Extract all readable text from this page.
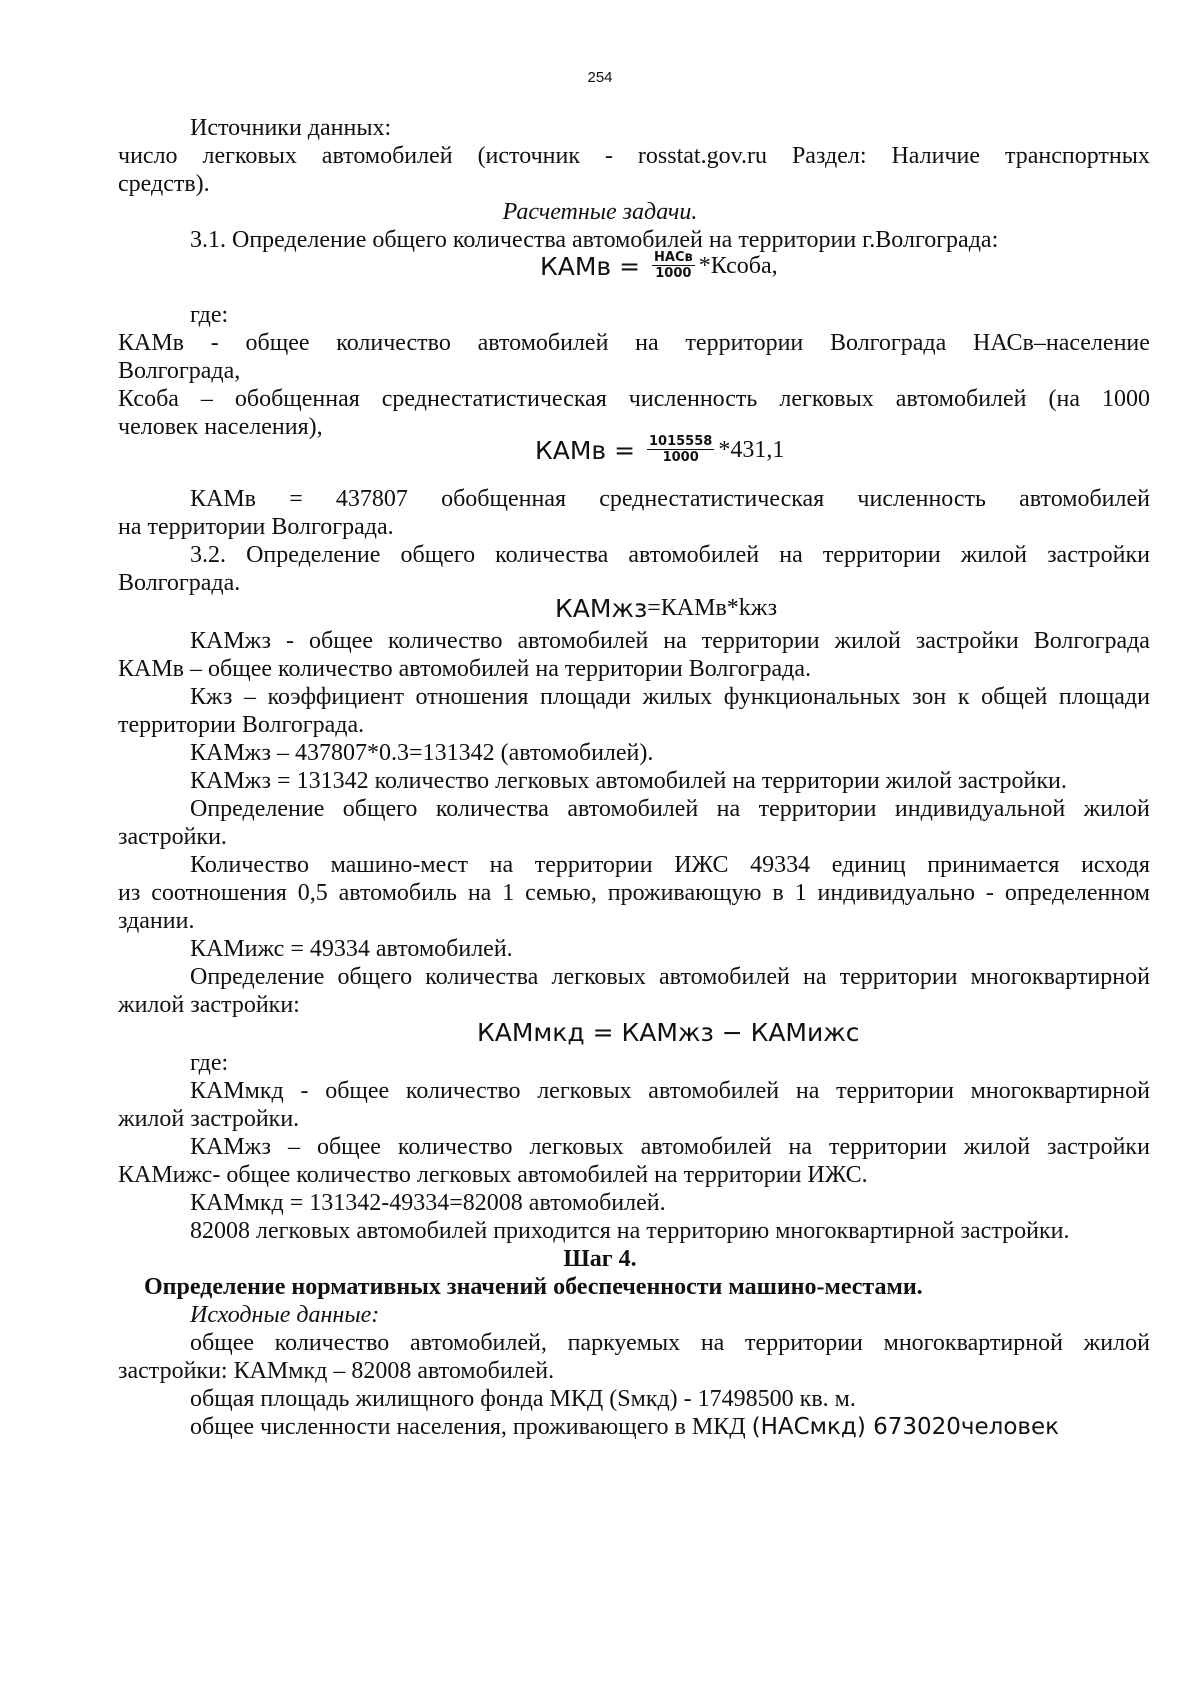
254
Источники данных:
число легковых автомобилей (источник - rosstat.gov.ru Раздел: Наличие транспортных
средств).
Расчетные задачи.
3.1. Определение общего количества автомобилей на территории г.Волгограда:
КАМв = $\frac{\text{НАСв}}{1000}$ *Ксоба,
где:
КАМв - общее количество автомобилей на территории Волгограда НАСв–население
Волгограда,
Ксоба – обобщенная среднестатистическая численность легковых автомобилей (на 1000
человек населения),
КАМв = $\frac{1015558}{1000} *431,1$
КАМв = 437807 обобщенная среднестатистическая численность автомобилей
на территории Волгограда.
3.2. Определение общего количества автомобилей на территории жилой застройки
Волгограда.
КАМжз =КАМв*kжз
КАМжз - общее количество автомобилей на территории жилой застройки Волгограда
КАМв – общее количество автомобилей на территории Волгограда.
Кжз – коэффициент отношения площади жилых функциональных зон к общей площади
территории Волгограда.
КАМжз – 437807*0.3=131342 (автомобилей).
КАМжз = 131342 количество легковых автомобилей на территории жилой застройки.
Определение общего количества автомобилей на территории индивидуальной жилой
застройки.
Количество машино-мест на территории ИЖС 49334 единиц принимается исходя
из соотношения 0,5 автомобиль на 1 семью, проживающую в 1 индивидуально - определенном
здании.
КАМижс = 49334 автомобилей.
Определение общего количества легковых автомобилей на территории многоквартирной
жилой застройки:
КАМмкд = КАМжз − КАМижс
где:
КАМмкд - общее количество легковых автомобилей на территории многоквартирной
жилой застройки.
КАМжз – общее количество легковых автомобилей на территории жилой застройки
КАМижс- общее количество легковых автомобилей на территории ИЖС.
КАМмкд = 131342-49334=82008 автомобилей.
82008 легковых автомобилей приходится на территорию многоквартирной застройки.
Шаг 4.
Определение нормативных значений обеспеченности машино-местами.
Исходные данные:
общее количество автомобилей, паркуемых на территории многоквартирной жилой
застройки: КАМмкд – 82008 автомобилей.
общая площадь жилищного фонда МКД (Sмкд) - 17498500 кв. м.
общее численности населения, проживающего в МКД (НАСмкд) 673020человек
